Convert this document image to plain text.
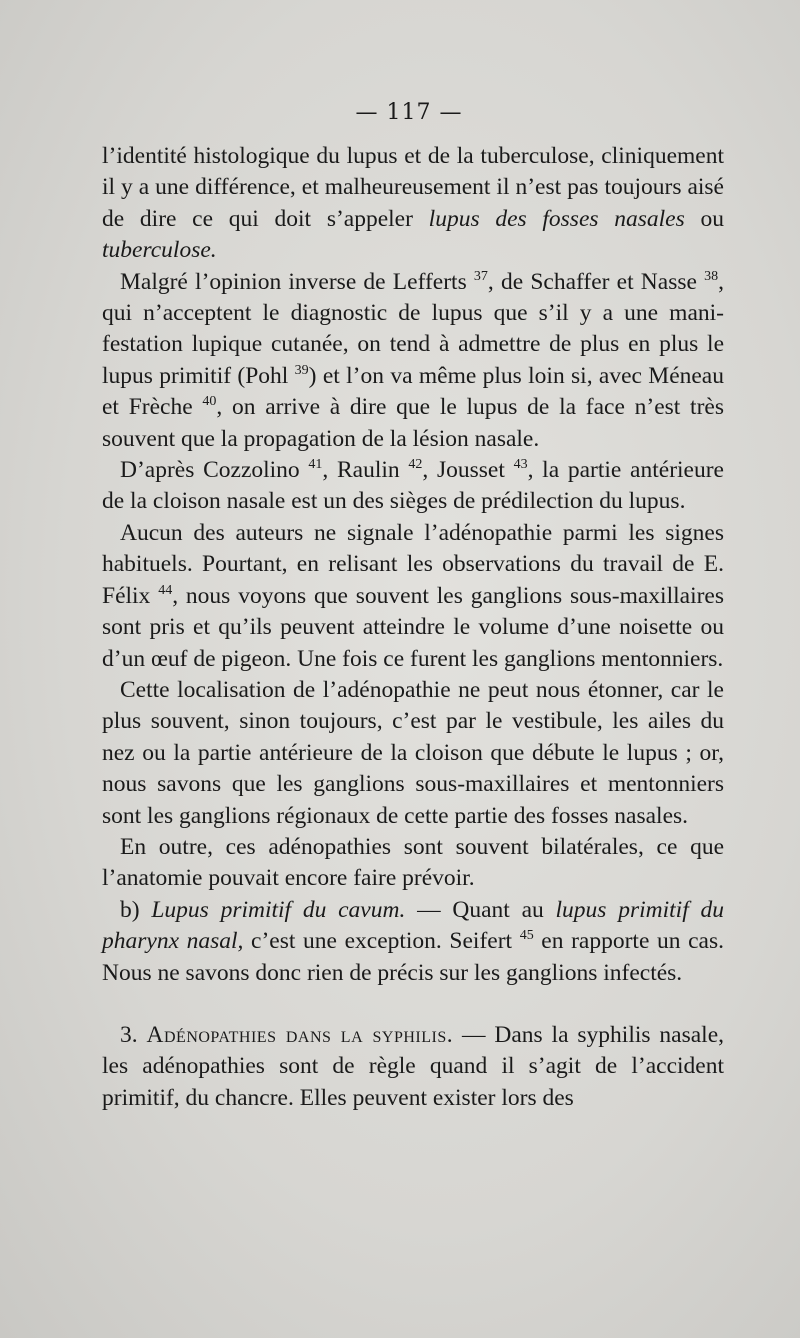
— 117 —

l’identité histologique du lupus et de la tuberculose, cliniquement il y a une différence, et malheureusement il n’est pas toujours aisé de dire ce qui doit s’appeler lupus des fosses nasales ou tuberculose.

Malgré l’opinion inverse de Lefferts $^{37}$, de Schaffer et Nasse $^{38}$, qui n’acceptent le diagnostic de lupus que s’il y a une manifestation lupique cutanée, on tend à admettre de plus en plus le lupus primitif (Pohl $^{39}$) et l’on va même plus loin si, avec Méneau et Frèche $^{40}$, on arrive à dire que le lupus de la face n’est très souvent que la propagation de la lésion nasale.

D’après Cozzolino $^{41}$, Raulin $^{42}$, Jousset $^{43}$, la partie antérieure de la cloison nasale est un des sièges de prédilection du lupus.

Aucun des auteurs ne signale l’adénopathie parmi les signes habituels. Pourtant, en relisant les observations du travail de E. Félix $^{44}$, nous voyons que souvent les ganglions sous-maxillaires sont pris et qu’ils peuvent atteindre le volume d’une noisette ou d’un œuf de pigeon. Une fois ce furent les ganglions mentonniers.

Cette localisation de l’adénopathie ne peut nous étonner, car le plus souvent, sinon toujours, c’est par le vestibule, les ailes du nez ou la partie antérieure de la cloison que débute le lupus ; or, nous savons que les ganglions sous-maxillaires et mentonniers sont les ganglions régionaux de cette partie des fosses nasales.

En outre, ces adénopathies sont souvent bilatérales, ce que l’anatomie pouvait encore faire prévoir.

b) Lupus primitif du cavum. — Quant au lupus primitif du pharynx nasal, c’est une exception. Seifert $^{45}$ en rapporte un cas. Nous ne savons donc rien de précis sur les ganglions infectés.

3. Adénopathies dans la syphilis. — Dans la syphilis nasale, les adénopathies sont de règle quand il s’agit de l’accident primitif, du chancre. Elles peuvent exister lors des
